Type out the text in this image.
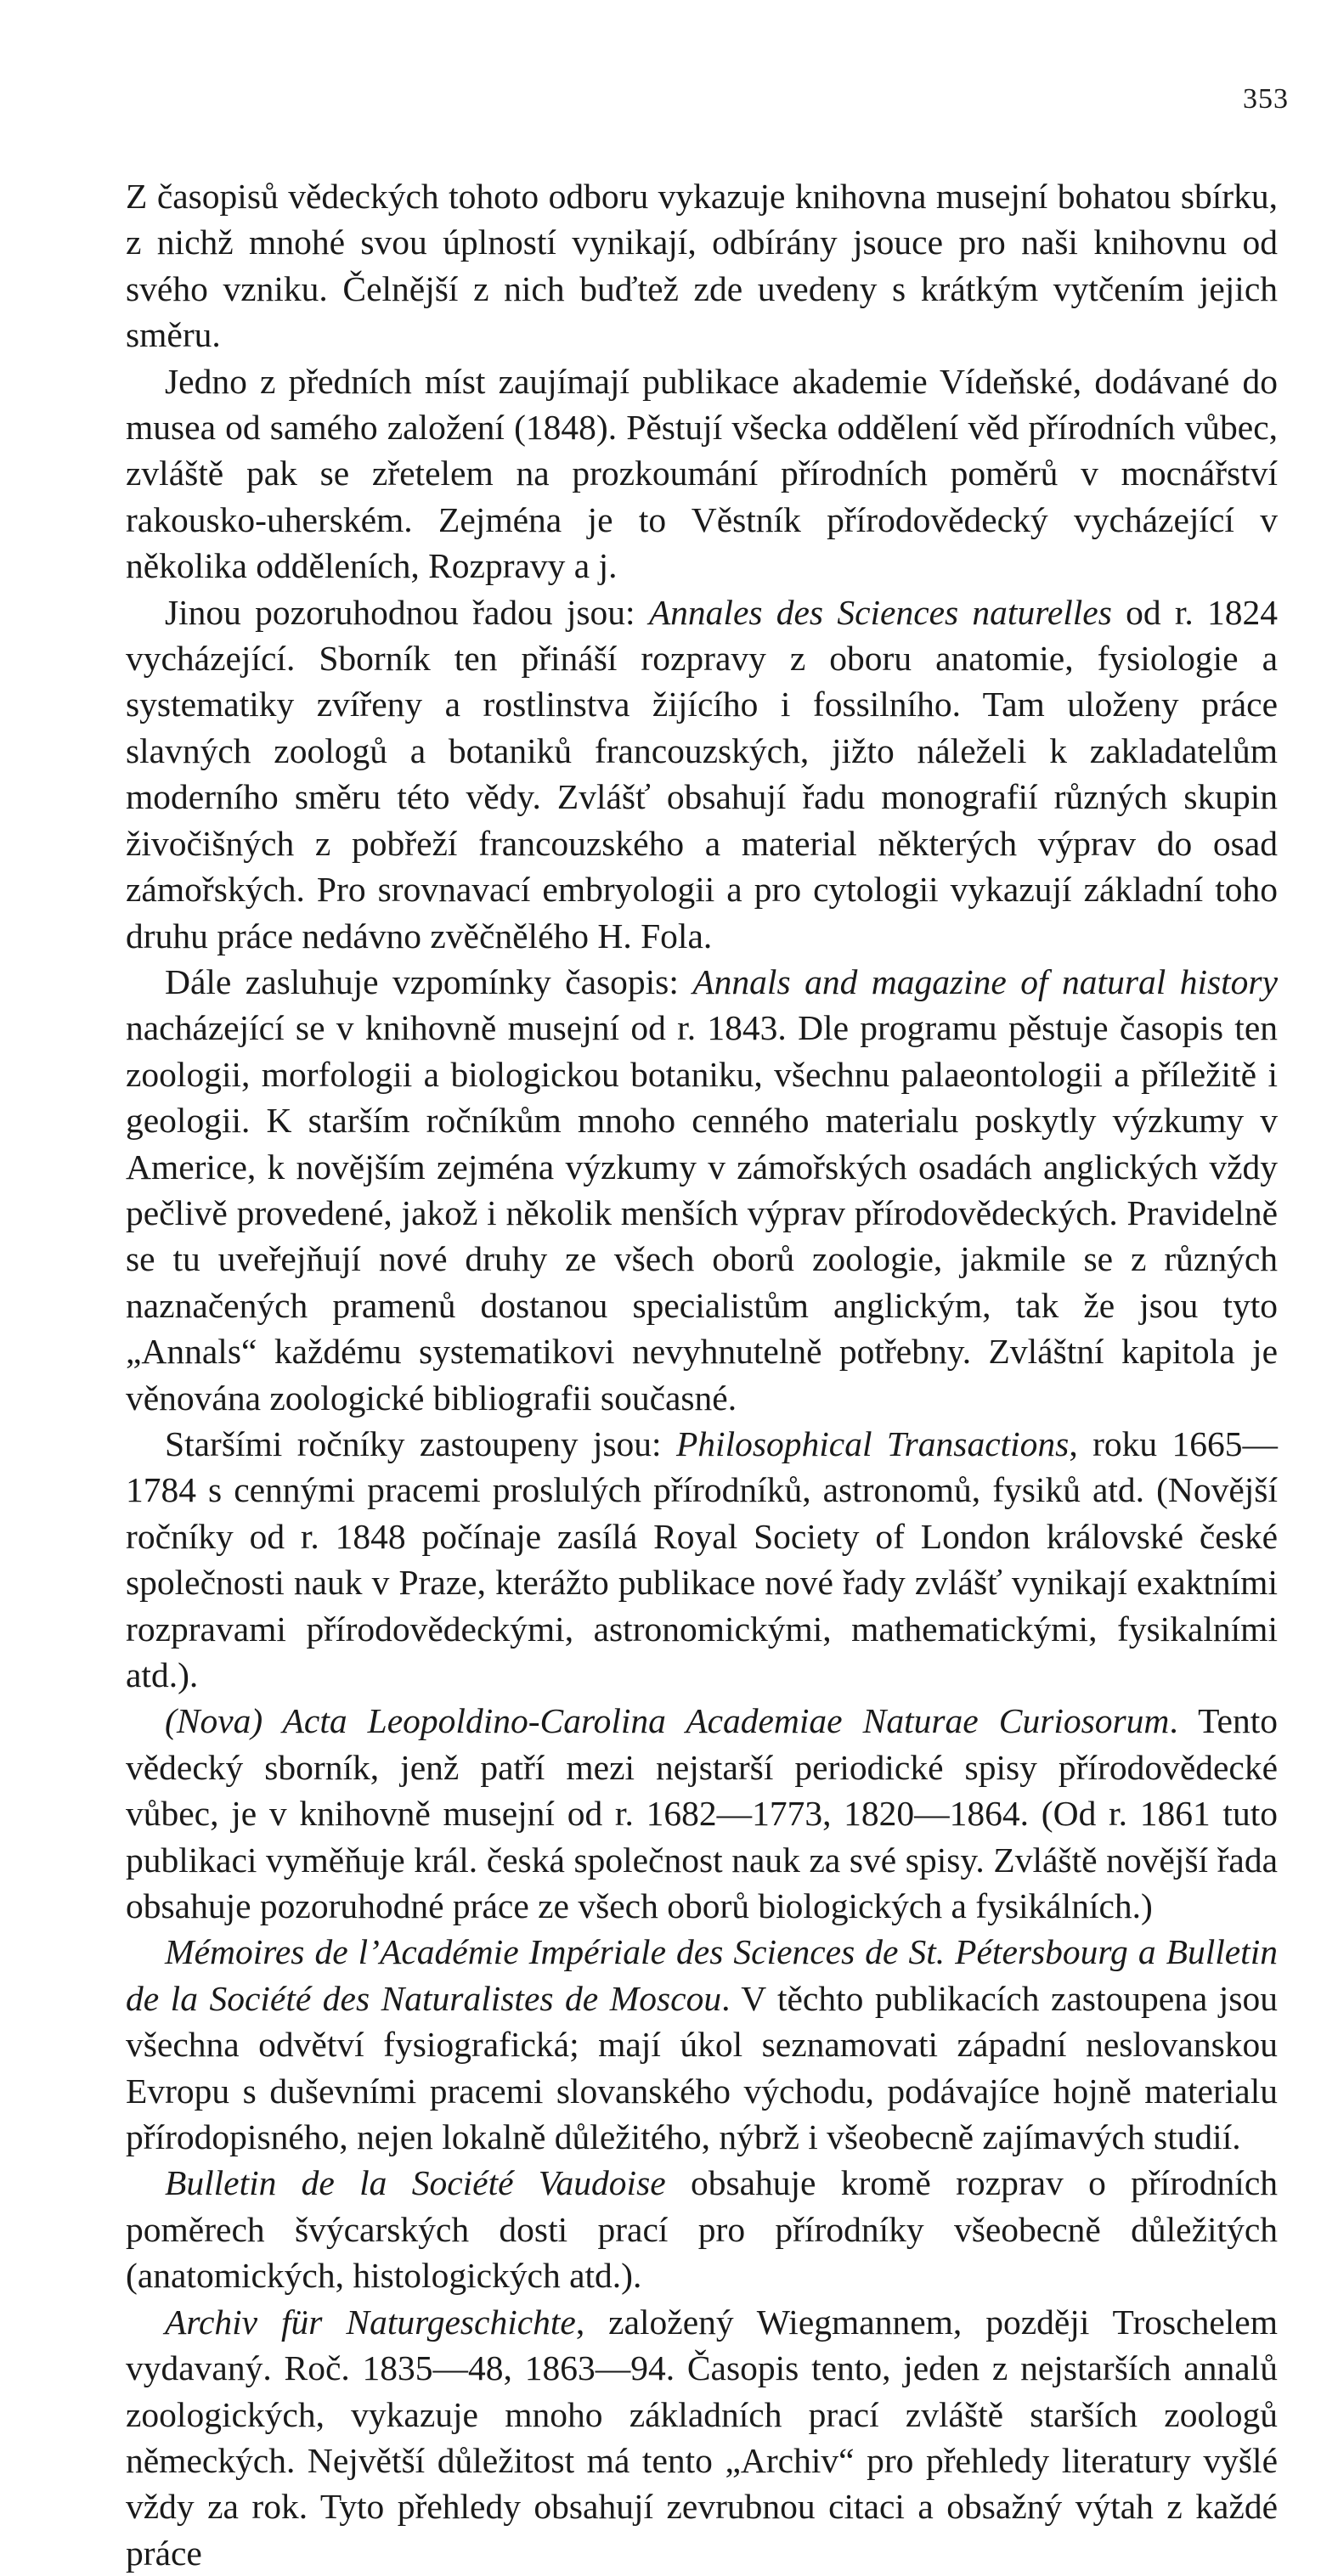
353

Z časopisů vědeckých tohoto odboru vykazuje knihovna musejní bohatou sbírku, z nichž mnohé svou úplností vynikají, odbírány jsouce pro naši knihovnu od svého vzniku. Čelnější z nich buďtež zde uvedeny s krátkým vytčením jejich směru.

Jedno z předních míst zaujímají publikace akademie Vídeňské, dodávané do musea od samého založení (1848). Pěstují všecka oddělení věd přírodních vůbec, zvláště pak se zřetelem na prozkoumání přírodních poměrů v mocnářství rakousko-uherském. Zejména je to Věstník přírodovědecký vycházející v několika odděleních, Rozpravy a j.

Jinou pozoruhodnou řadou jsou: Annales des Sciences naturelles od r. 1824 vycházející. Sborník ten přináší rozpravy z oboru anatomie, fysiologie a systematiky zvířeny a rostlinstva žijícího i fossilního. Tam uloženy práce slavných zoologů a botaniků francouzských, jižto náleželi k zakladatelům moderního směru této vědy. Zvlášť obsahují řadu monografií různých skupin živočišných z pobřeží francouzského a material některých výprav do osad zámořských. Pro srovnavací embryologii a pro cytologii vykazují základní toho druhu práce nedávno zvěčnělého H. Fola.

Dále zasluhuje vzpomínky časopis: Annals and magazine of natural history nacházející se v knihovně musejní od r. 1843. Dle programu pěstuje časopis ten zoologii, morfologii a biologickou botaniku, všechnu palaeontologii a příležitě i geologii. K starším ročníkům mnoho cenného materialu poskytly výzkumy v Americe, k novějším zejména výzkumy v zámořských osadách anglických vždy pečlivě provedené, jakož i několik menších výprav přírodovědeckých. Pravidelně se tu uveřejňují nové druhy ze všech oborů zoologie, jakmile se z různých naznačených pramenů dostanou specialistům anglickým, tak že jsou tyto „Annals“ každému systematikovi nevyhnutelně potřebny. Zvláštní kapitola je věnována zoologické bibliografii současné.

Staršími ročníky zastoupeny jsou: Philosophical Transactions, roku 1665—1784 s cennými pracemi proslulých přírodníků, astronomů, fysiků atd. (Novější ročníky od r. 1848 počínaje zasílá Royal Society of London královské české společnosti nauk v Praze, kterážto publikace nové řady zvlášť vynikají exaktními rozpravami přírodovědeckými, astronomickými, mathematickými, fysikalními atd.).

(Nova) Acta Leopoldino-Carolina Academiae Naturae Curiosorum. Tento vědecký sborník, jenž patří mezi nejstarší periodické spisy přírodovědecké vůbec, je v knihovně musejní od r. 1682—1773, 1820—1864. (Od r. 1861 tuto publikaci vyměňuje král. česká společnost nauk za své spisy. Zvláště novější řada obsahuje pozoruhodné práce ze všech oborů biologických a fysikálních.)

Mémoires de l’Académie Impériale des Sciences de St. Pétersbourg a Bulletin de la Société des Naturalistes de Moscou. V těchto publikacích zastoupena jsou všechna odvětví fysiografická; mají úkol seznamovati západní neslovanskou Evropu s duševními pracemi slovanského východu, podávajíce hojně materialu přírodopisného, nejen lokalně důležitého, nýbrž i všeobecně zajímavých studií.

Bulletin de la Société Vaudoise obsahuje kromě rozprav o přírodních poměrech švýcarských dosti prací pro přírodníky všeobecně důležitých (anatomických, histologických atd.).

Archiv für Naturgeschichte, založený Wiegmannem, později Troschelem vydavaný. Roč. 1835—48, 1863—94. Časopis tento, jeden z nejstarších annalů zoologických, vykazuje mnoho základních prací zvláště starších zoologů německých. Největší důležitost má tento „Archiv“ pro přehledy literatury vyšlé vždy za rok. Tyto přehledy obsahují zevrubnou citaci a obsažný výtah z každé práce
